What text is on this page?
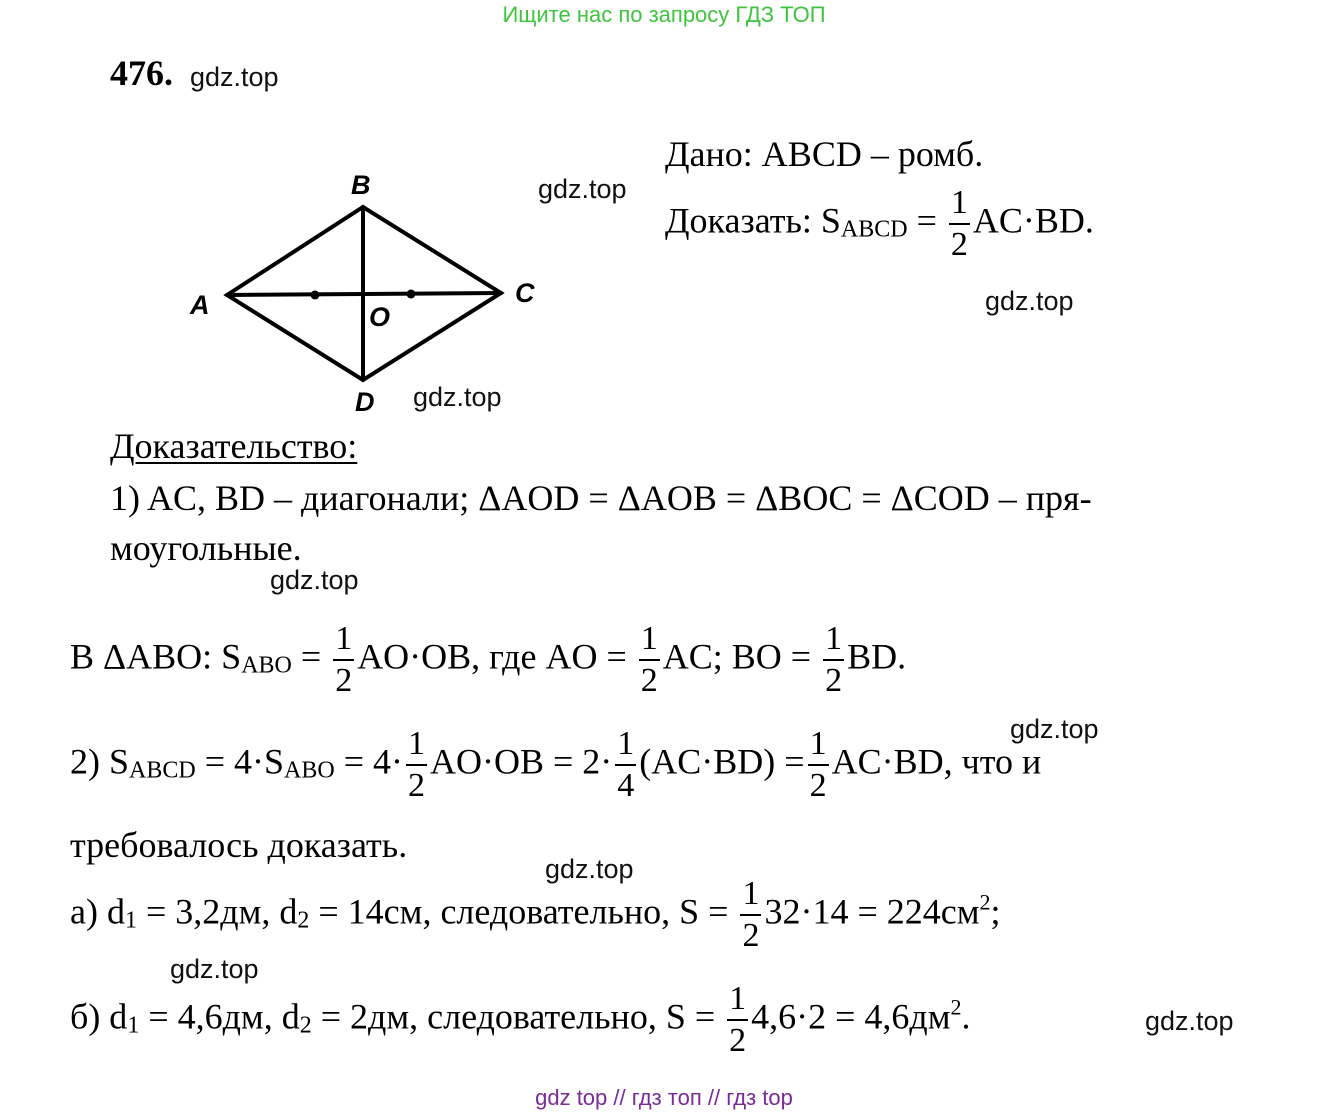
Ищите нас по запросу ГДЗ ТОП
476. gdz.top
A
B
C
D
O
gdz.top
gdz.top
Дано: ABCD – ромб.
Доказать: $S_{ABCD} = \frac{1}{2} AC\cdot BD$.
gdz.top
Доказательство:
1) AC, BD – диагонали; ΔAOD = ΔAOB = ΔBOC = ΔCOD – пря-
моугольные.
gdz.top
В ΔABO: $S_{ABO} = \frac{1}{2} AO\cdot OB$, где AO = $\frac{1}{2}$ AC; BO = $\frac{1}{2}$ BD.
gdz.top
2) $S_{ABCD} = 4\cdot S_{ABO} = 4\cdot \frac{1}{2} AO\cdot OB = 2\cdot \frac{1}{4} (AC\cdot BD) = \frac{1}{2} AC\cdot BD$, что и
требовалось доказать.
gdz.top
а) $d_1 = 3,2дм$, $d_2 = 14см$, следовательно, $S = \frac{1}{2} 32\cdot 14 = 224см^2$;
gdz.top
б) $d_1 = 4,6дм$, $d_2 = 2дм$, следовательно, $S = \frac{1}{2} 4,6\cdot 2 = 4,6дм^2$.	gdz.top
gdz top // гдз топ // гдз top
